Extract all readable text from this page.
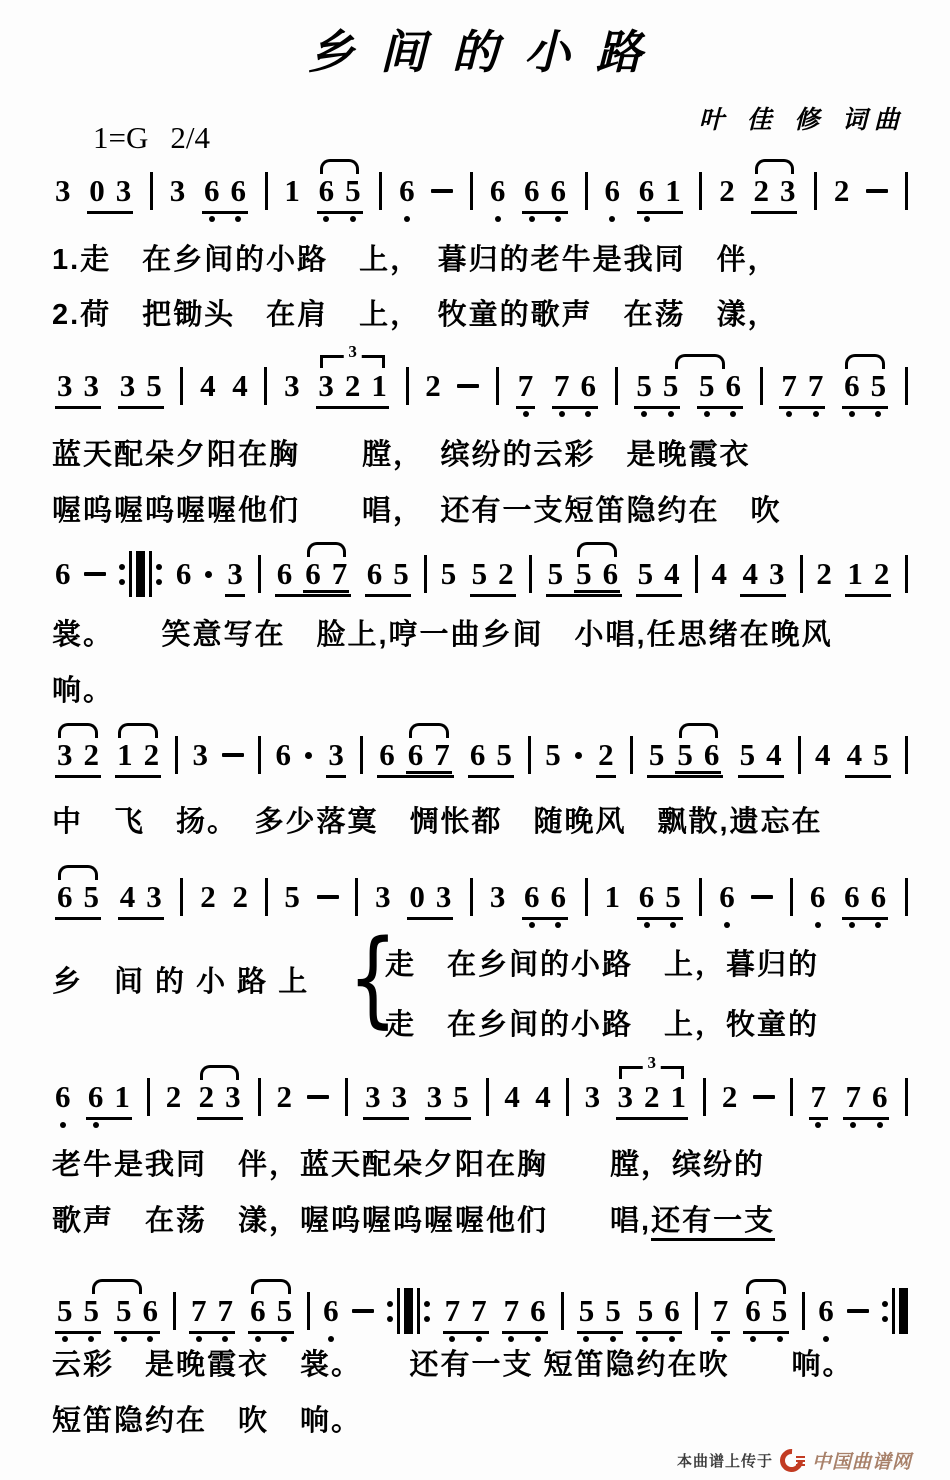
乡间的小路

1=G 2/4

叶 佳 修 词曲
3 0 3 3 6 6 1 6 5 6 6 6 6 6 6 1 2 2 3 2
1.走　在乡间的小路　上，　暮归的老牛是我同　伴，
2.荷　把锄头　在肩　上，　牧童的歌声　在荡　漾，
3 3 3 5 4 4 3
3
3 2 1 2 7 7 6 5 5 5 6 7 7 6 5
蓝天配朵夕阳在胸　　膛，　缤纷的云彩　是晚霞衣
喔呜喔呜喔喔他们　　唱，　还有一支短笛隐约在　吹
6	6 3 6 6 7 6 5 5 5 2 5 5 6 5 4 4 4 3 2 1 2
裳。　　笑意写在　脸上,哼一曲乡间　小唱,任思绪在晚风
响。
3 2 1 2 3 6 3 6 6 7 6 5 5 2 5 5 6 5 4 4 4 5
中　飞　扬。　多少落寞　惆怅都　随晚风　飘散,遗忘在
6 5 4 3 2 2 5 3 0 3 3 6 6 1 6 5 6 6 6 6
乡　间 的 小 路 上 {
走　在乡间的小路　上，暮归的
走　在乡间的小路　上，牧童的
6 6 1 2 2 3 2 3 3 3 5 4 4 3
3
3 2 1 2 7 7 6
老牛是我同　伴，蓝天配朵夕阳在胸　　膛，缤纷的
歌声　在荡　漾，喔呜喔呜喔喔他们　　唱,还有一支
5 5 5 6 7 7 6 5 6	7 7 7 6 5 5 5 6 7 6 5 6
云彩　是晚霞衣　裳。　　还有一支 短笛隐约在吹　　响。
短笛隐约在　吹　响。
本曲谱上传于 中国曲谱网
